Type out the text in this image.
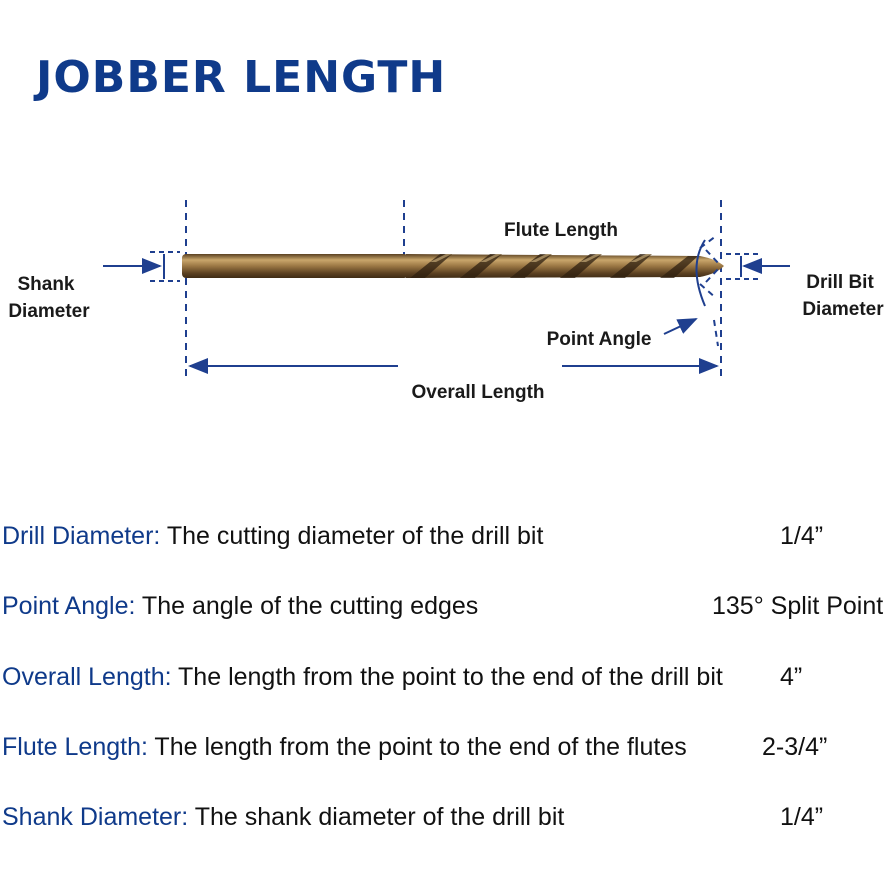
JOBBER LENGTH
Shank
Diameter
Flute Length
Drill Bit
Diameter
Point Angle
Overall Length
Drill Diameter: The cutting diameter of the drill bit	1/4”
Point Angle: The angle of the cutting edges	135° Split Point
Overall Length: The length from the point to the end of the drill bit 4”
Flute Length: The length from the point to the end of the flutes	2-3/4”
Shank Diameter: The shank diameter of the drill bit	1/4”
